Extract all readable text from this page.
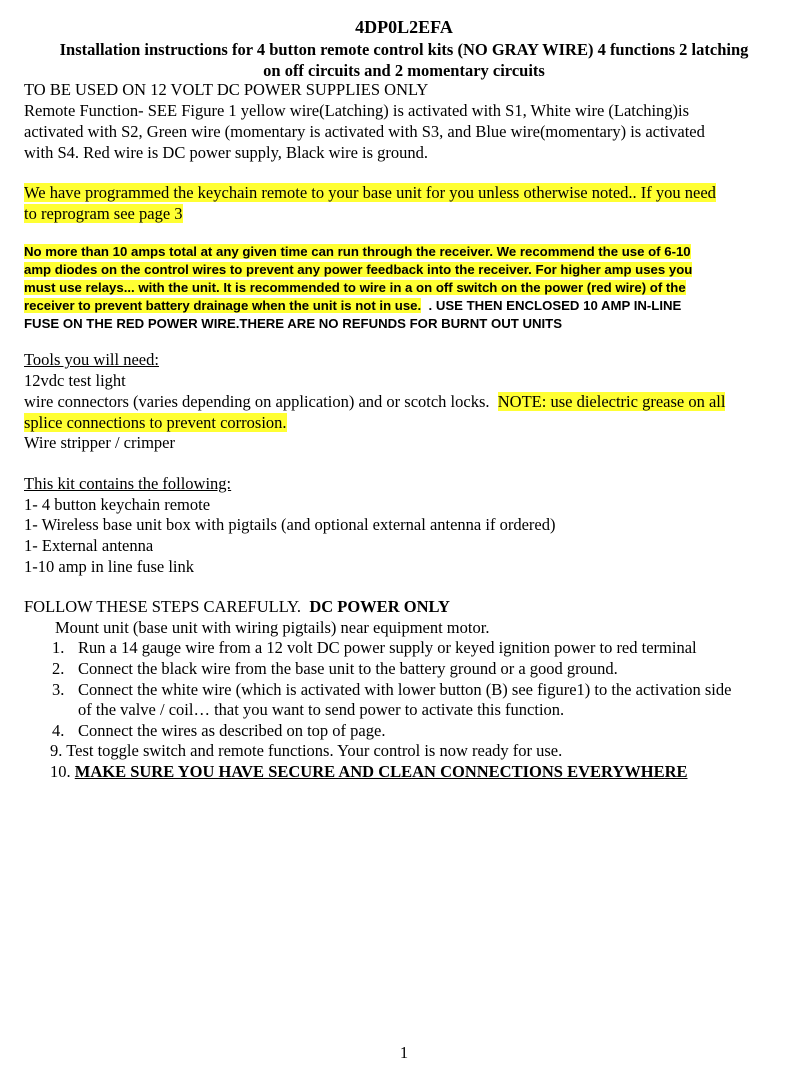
4DP0L2EFA
Installation instructions for 4 button remote control kits (NO GRAY WIRE) 4 functions 2 latching
on off circuits and 2 momentary circuits
TO BE USED ON 12 VOLT DC POWER SUPPLIES ONLY
Remote Function- SEE Figure 1 yellow wire(Latching) is activated with S1, White wire (Latching)is
activated with S2, Green wire (momentary is activated with S3, and Blue wire(momentary) is activated
with S4. Red wire is DC power supply, Black wire is ground.
We have programmed the keychain remote to your base unit for you unless otherwise noted.. If you need
to reprogram see page 3
No more than 10 amps total at any given time can run through the receiver. We recommend the use of 6-10
amp diodes on the control wires to prevent any power feedback into the receiver. For higher amp uses you
must use relays... with the unit. It is recommended to wire in a on off switch on the power (red wire) of the
receiver to prevent battery drainage when the unit is not in use.  . USE THEN ENCLOSED 10 AMP IN-LINE
FUSE ON THE RED POWER WIRE.THERE ARE NO REFUNDS FOR BURNT OUT UNITS
Tools you will need:
12vdc test light
wire connectors (varies depending on application) and or scotch locks.  NOTE: use dielectric grease on all
splice connections to prevent corrosion.
Wire stripper / crimper
This kit contains the following:
1- 4 button keychain remote
1- Wireless base unit box with pigtails (and optional external antenna if ordered)
1- External antenna
1-10 amp in line fuse link
FOLLOW THESE STEPS CAREFULLY.  DC POWER ONLY
Mount unit (base unit with wiring pigtails) near equipment motor.
1. Run a 14 gauge wire from a 12 volt DC power supply or keyed ignition power to red terminal
2. Connect the black wire from the base unit to the battery ground or a good ground.
3. Connect the white wire (which is activated with lower button (B) see figure1) to the activation side
of the valve / coil… that you want to send power to activate this function.
4. Connect the wires as described on top of page.
9. Test toggle switch and remote functions. Your control is now ready for use.
10. MAKE SURE YOU HAVE SECURE AND CLEAN CONNECTIONS EVERYWHERE
1
